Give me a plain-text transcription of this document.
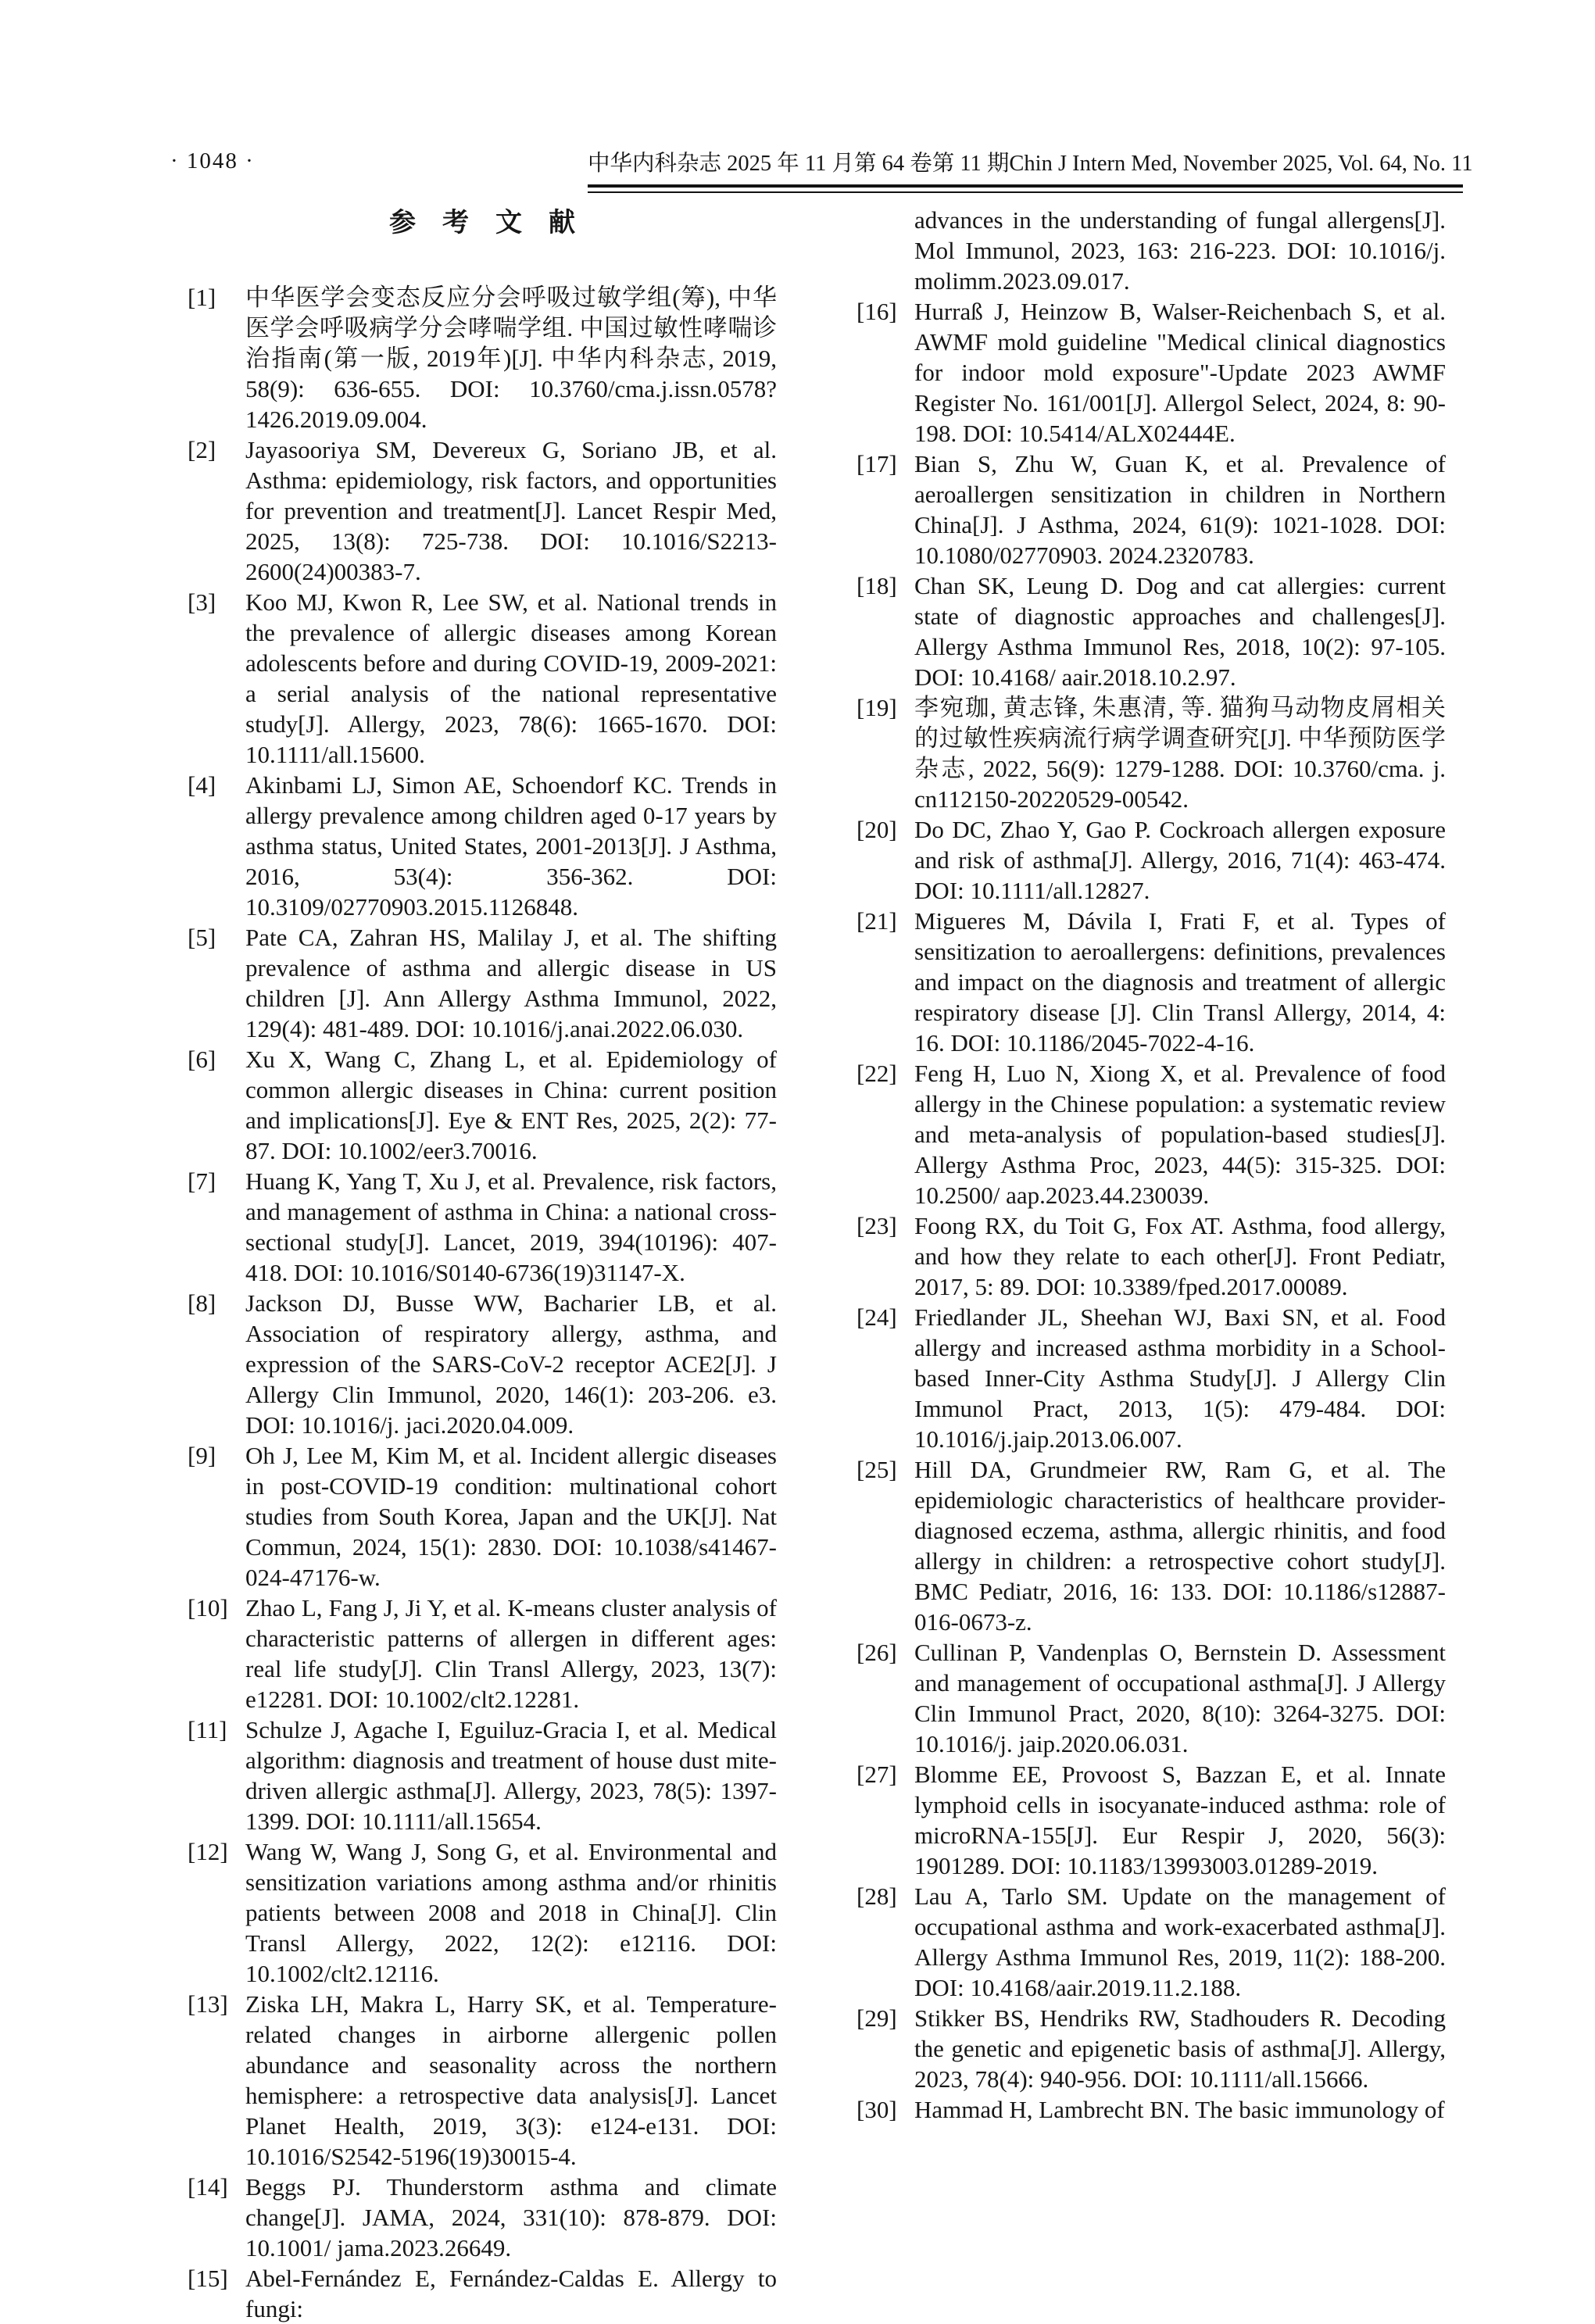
· 1048 ·	中华内科杂志 2025 年 11 月第 64 卷第 11 期 Chin J Intern Med, November 2025, Vol. 64, No. 11
参考文献
[1]	中华医学会变态反应分会呼吸过敏学组(筹), 中华医学会呼吸病学分会哮喘学组. 中国过敏性哮喘诊治指南(第一版, 2019年)[J]. 中华内科杂志, 2019, 58(9): 636-655. DOI: 10.3760/cma.j.issn.0578?1426.2019.09.004.
[2]	Jayasooriya SM, Devereux G, Soriano JB, et al. Asthma: epidemiology, risk factors, and opportunities for prevention and treatment[J]. Lancet Respir Med, 2025, 13(8): 725-738. DOI: 10.1016/S2213-2600(24)00383-7.
[3]	Koo MJ, Kwon R, Lee SW, et al. National trends in the prevalence of allergic diseases among Korean adolescents before and during COVID-19, 2009-2021: a serial analysis of the national representative study[J]. Allergy, 2023, 78(6): 1665-1670. DOI: 10.1111/all.15600.
[4]	Akinbami LJ, Simon AE, Schoendorf KC. Trends in allergy prevalence among children aged 0-17 years by asthma status, United States, 2001-2013[J]. J Asthma, 2016, 53(4): 356-362. DOI: 10.3109/02770903.2015.1126848.
[5]	Pate CA, Zahran HS, Malilay J, et al. The shifting prevalence of asthma and allergic disease in US children [J]. Ann Allergy Asthma Immunol, 2022, 129(4): 481-489. DOI: 10.1016/j.anai.2022.06.030.
[6]	Xu X, Wang C, Zhang L, et al. Epidemiology of common allergic diseases in China: current position and implications[J]. Eye & ENT Res, 2025, 2(2): 77-87. DOI: 10.1002/eer3.70016.
[7]	Huang K, Yang T, Xu J, et al. Prevalence, risk factors, and management of asthma in China: a national cross-sectional study[J]. Lancet, 2019, 394(10196): 407-418. DOI: 10.1016/S0140-6736(19)31147-X.
[8]	Jackson DJ, Busse WW, Bacharier LB, et al. Association of respiratory allergy, asthma, and expression of the SARS-CoV-2 receptor ACE2[J]. J Allergy Clin Immunol, 2020, 146(1): 203-206. e3. DOI: 10.1016/j. jaci.2020.04.009.
[9]	Oh J, Lee M, Kim M, et al. Incident allergic diseases in post-COVID-19 condition: multinational cohort studies from South Korea, Japan and the UK[J]. Nat Commun, 2024, 15(1): 2830. DOI: 10.1038/s41467-024-47176-w.
[10] Zhao L, Fang J, Ji Y, et al. K-means cluster analysis of characteristic patterns of allergen in different ages: real life study[J]. Clin Transl Allergy, 2023, 13(7): e12281. DOI: 10.1002/clt2.12281.
[11] Schulze J, Agache I, Eguiluz-Gracia I, et al. Medical algorithm: diagnosis and treatment of house dust mite-driven allergic asthma[J]. Allergy, 2023, 78(5): 1397-1399. DOI: 10.1111/all.15654.
[12] Wang W, Wang J, Song G, et al. Environmental and sensitization variations among asthma and/or rhinitis patients between 2008 and 2018 in China[J]. Clin Transl Allergy, 2022, 12(2): e12116. DOI: 10.1002/clt2.12116.
[13] Ziska LH, Makra L, Harry SK, et al. Temperature-related changes in airborne allergenic pollen abundance and seasonality across the northern hemisphere: a retrospective data analysis[J]. Lancet Planet Health, 2019, 3(3): e124-e131. DOI: 10.1016/S2542-5196(19)30015-4.
[14] Beggs PJ. Thunderstorm asthma and climate change[J]. JAMA, 2024, 331(10): 878-879. DOI: 10.1001/ jama.2023.26649.
[15] Abel-Fernández E, Fernández-Caldas E. Allergy to fungi:
advances in the understanding of fungal allergens[J]. Mol Immunol, 2023, 163: 216-223. DOI: 10.1016/j. molimm.2023.09.017.
[16] Hurraß J, Heinzow B, Walser-Reichenbach S, et al. AWMF mold guideline "Medical clinical diagnostics for indoor mold exposure"-Update 2023 AWMF Register No. 161/001[J]. Allergol Select, 2024, 8: 90-198. DOI: 10.5414/ALX02444E.
[17] Bian S, Zhu W, Guan K, et al. Prevalence of aeroallergen sensitization in children in Northern China[J]. J Asthma, 2024, 61(9): 1021-1028. DOI: 10.1080/02770903. 2024.2320783.
[18] Chan SK, Leung D. Dog and cat allergies: current state of diagnostic approaches and challenges[J]. Allergy Asthma Immunol Res, 2018, 10(2): 97-105. DOI: 10.4168/ aair.2018.10.2.97.
[19] 李宛珈, 黄志锋, 朱惠清, 等. 猫狗马动物皮屑相关的过敏性疾病流行病学调查研究[J]. 中华预防医学杂志, 2022, 56(9): 1279-1288. DOI: 10.3760/cma. j. cn112150-20220529-00542.
[20] Do DC, Zhao Y, Gao P. Cockroach allergen exposure and risk of asthma[J]. Allergy, 2016, 71(4): 463-474. DOI: 10.1111/all.12827.
[21] Migueres M, Dávila I, Frati F, et al. Types of sensitization to aeroallergens: definitions, prevalences and impact on the diagnosis and treatment of allergic respiratory disease [J]. Clin Transl Allergy, 2014, 4: 16. DOI: 10.1186/2045-7022-4-16.
[22] Feng H, Luo N, Xiong X, et al. Prevalence of food allergy in the Chinese population: a systematic review and meta-analysis of population-based studies[J]. Allergy Asthma Proc, 2023, 44(5): 315-325. DOI: 10.2500/ aap.2023.44.230039.
[23] Foong RX, du Toit G, Fox AT. Asthma, food allergy, and how they relate to each other[J]. Front Pediatr, 2017, 5: 89. DOI: 10.3389/fped.2017.00089.
[24] Friedlander JL, Sheehan WJ, Baxi SN, et al. Food allergy and increased asthma morbidity in a School-based Inner-City Asthma Study[J]. J Allergy Clin Immunol Pract, 2013, 1(5): 479-484. DOI: 10.1016/j.jaip.2013.06.007.
[25] Hill DA, Grundmeier RW, Ram G, et al. The epidemiologic characteristics of healthcare provider-diagnosed eczema, asthma, allergic rhinitis, and food allergy in children: a retrospective cohort study[J]. BMC Pediatr, 2016, 16: 133. DOI: 10.1186/s12887-016-0673-z.
[26] Cullinan P, Vandenplas O, Bernstein D. Assessment and management of occupational asthma[J]. J Allergy Clin Immunol Pract, 2020, 8(10): 3264-3275. DOI: 10.1016/j. jaip.2020.06.031.
[27] Blomme EE, Provoost S, Bazzan E, et al. Innate lymphoid cells in isocyanate-induced asthma: role of microRNA-155[J]. Eur Respir J, 2020, 56(3): 1901289. DOI: 10.1183/13993003.01289-2019.
[28] Lau A, Tarlo SM. Update on the management of occupational asthma and work-exacerbated asthma[J]. Allergy Asthma Immunol Res, 2019, 11(2): 188-200. DOI: 10.4168/aair.2019.11.2.188.
[29] Stikker BS, Hendriks RW, Stadhouders R. Decoding the genetic and epigenetic basis of asthma[J]. Allergy, 2023, 78(4): 940-956. DOI: 10.1111/all.15666.
[30] Hammad H, Lambrecht BN. The basic immunology of
